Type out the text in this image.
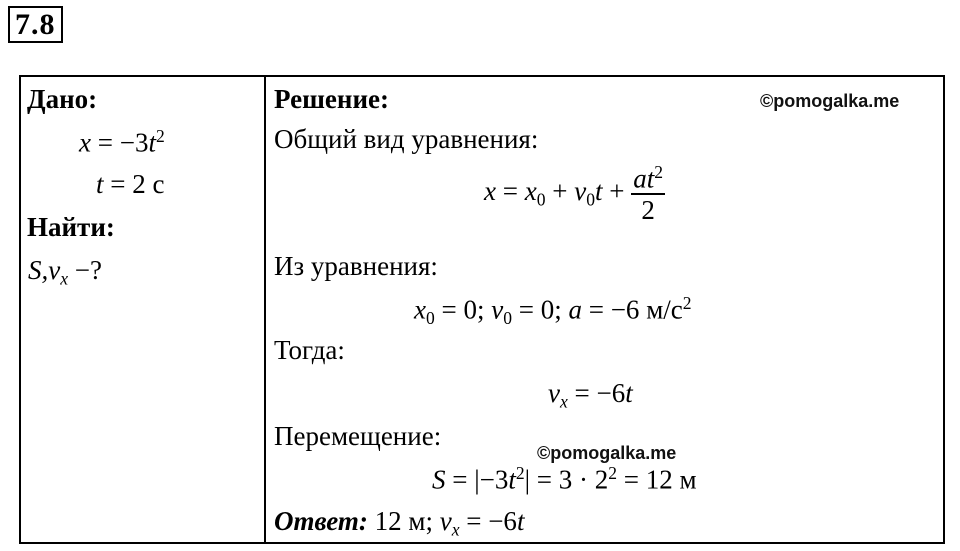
7.8
Дано:
$x = -3t^2$
t = 2 с
Найти:
$S,v_x$ −?
Решение:	©pomogalka.me
Общий вид уравнения:
$x = x_0 + v_0t + \frac{at^2}{2}$
Из уравнения:
$x_0 = 0$; $v_0 = 0$; a = −6 $м/с^2$
Тогда:
$v_x = -6t$
Перемещение:
©pomogalka.me
$S = |-3t^2| = 3 \cdot 2^2 = 12$ м
Ответ: 12 м; $v_x = -6t$
